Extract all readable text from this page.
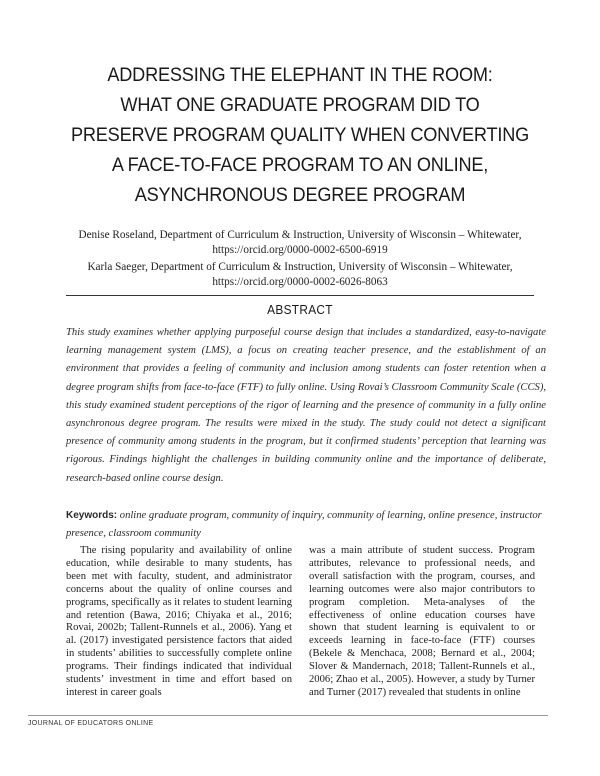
ADDRESSING THE ELEPHANT IN THE ROOM:
WHAT ONE GRADUATE PROGRAM DID TO
PRESERVE PROGRAM QUALITY WHEN CONVERTING
A FACE-TO-FACE PROGRAM TO AN ONLINE,
ASYNCHRONOUS DEGREE PROGRAM
Denise Roseland, Department of Curriculum & Instruction, University of Wisconsin – Whitewater,
https://orcid.org/0000-0002-6500-6919
Karla Saeger, Department of Curriculum & Instruction, University of Wisconsin – Whitewater,
https://orcid.org/0000-0002-6026-8063
ABSTRACT

This study examines whether applying purposeful course design that includes a standardized, easy-to-navigate learning management system (LMS), a focus on creating teacher presence, and the establishment of an environment that provides a feeling of community and inclusion among students can foster retention when a degree program shifts from face-to-face (FTF) to fully online. Using Rovai’s Classroom Community Scale (CCS), this study examined student perceptions of the rigor of learning and the presence of community in a fully online asynchronous degree program. The results were mixed in the study. The study could not detect a significant presence of community among students in the program, but it confirmed students’ perception that learning was rigorous. Findings highlight the challenges in building community online and the importance of deliberate, research-based online course design.

Keywords: online graduate program, community of inquiry, community of learning, online presence, instructor presence, classroom community

The rising popularity and availability of online education, while desirable to many students, has been met with faculty, student, and administrator concerns about the quality of online courses and programs, specifically as it relates to student learning and retention (Bawa, 2016; Chiyaka et al., 2016; Rovai, 2002b; Tallent-Runnels et al., 2006). Yang et al. (2017) investigated persistence factors that aided in students’ abilities to successfully complete online programs. Their findings indicated that individual students’ investment in time and effort based on interest in career goals

was a main attribute of student success. Program attributes, relevance to professional needs, and overall satisfaction with the program, courses, and learning outcomes were also major contributors to program completion. Meta-analyses of the effectiveness of online education courses have shown that student learning is equivalent to or exceeds learning in face-to-face (FTF) courses (Bekele & Menchaca, 2008; Bernard et al., 2004; Slover & Mandernach, 2018; Tallent-Runnels et al., 2006; Zhao et al., 2005). However, a study by Turner and Turner (2017) revealed that students in online

JOURNAL OF EDUCATORS ONLINE
